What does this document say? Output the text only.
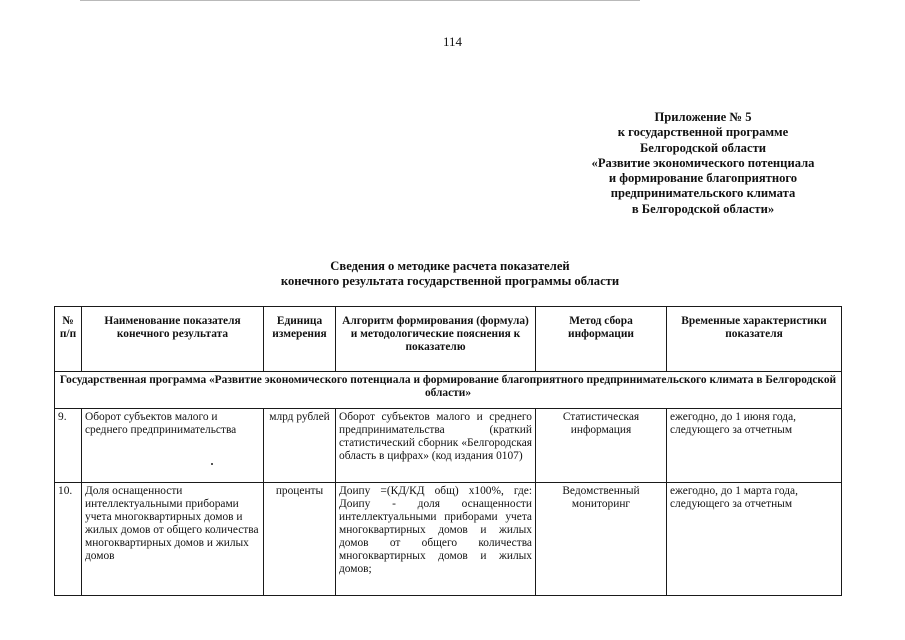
114
Приложение № 5
к государственной программе
Белгородской области
«Развитие экономического потенциала
и формирование благоприятного
предпринимательского климата
в Белгородской области»
Сведения о методике расчета показателей
конечного результата государственной программы области
№ п/п	Наименование показателя конечного результата	Единица измерения	Алгоритм формирования (формула) и методологические пояснения к показателю	Метод сбора информации	Временные характеристики показателя
Государственная программа «Развитие экономического потенциала и формирование благоприятного предпринимательского климата в Белгородской области»					
9.	Оборот субъектов малого и среднего предпринимательства	млрд рублей	Оборот субъектов малого и среднего предпринимательства (краткий статистический сборник «Белгородская область в цифрах» (код издания 0107)	Статистическая информация	ежегодно, до 1 июня года, следующего за отчетным
10.	Доля оснащенности интеллектуальными приборами учета многоквартирных домов и жилых домов от общего количества многоквартирных домов и жилых домов	проценты	Доипу =(КД/КД общ) х100%, где: Доипу - доля оснащенности интеллектуальными приборами учета многоквартирных домов и жилых домов от общего количества многоквартирных домов и жилых домов;	Ведомственный мониторинг	ежегодно, до 1 марта года, следующего за отчетным
